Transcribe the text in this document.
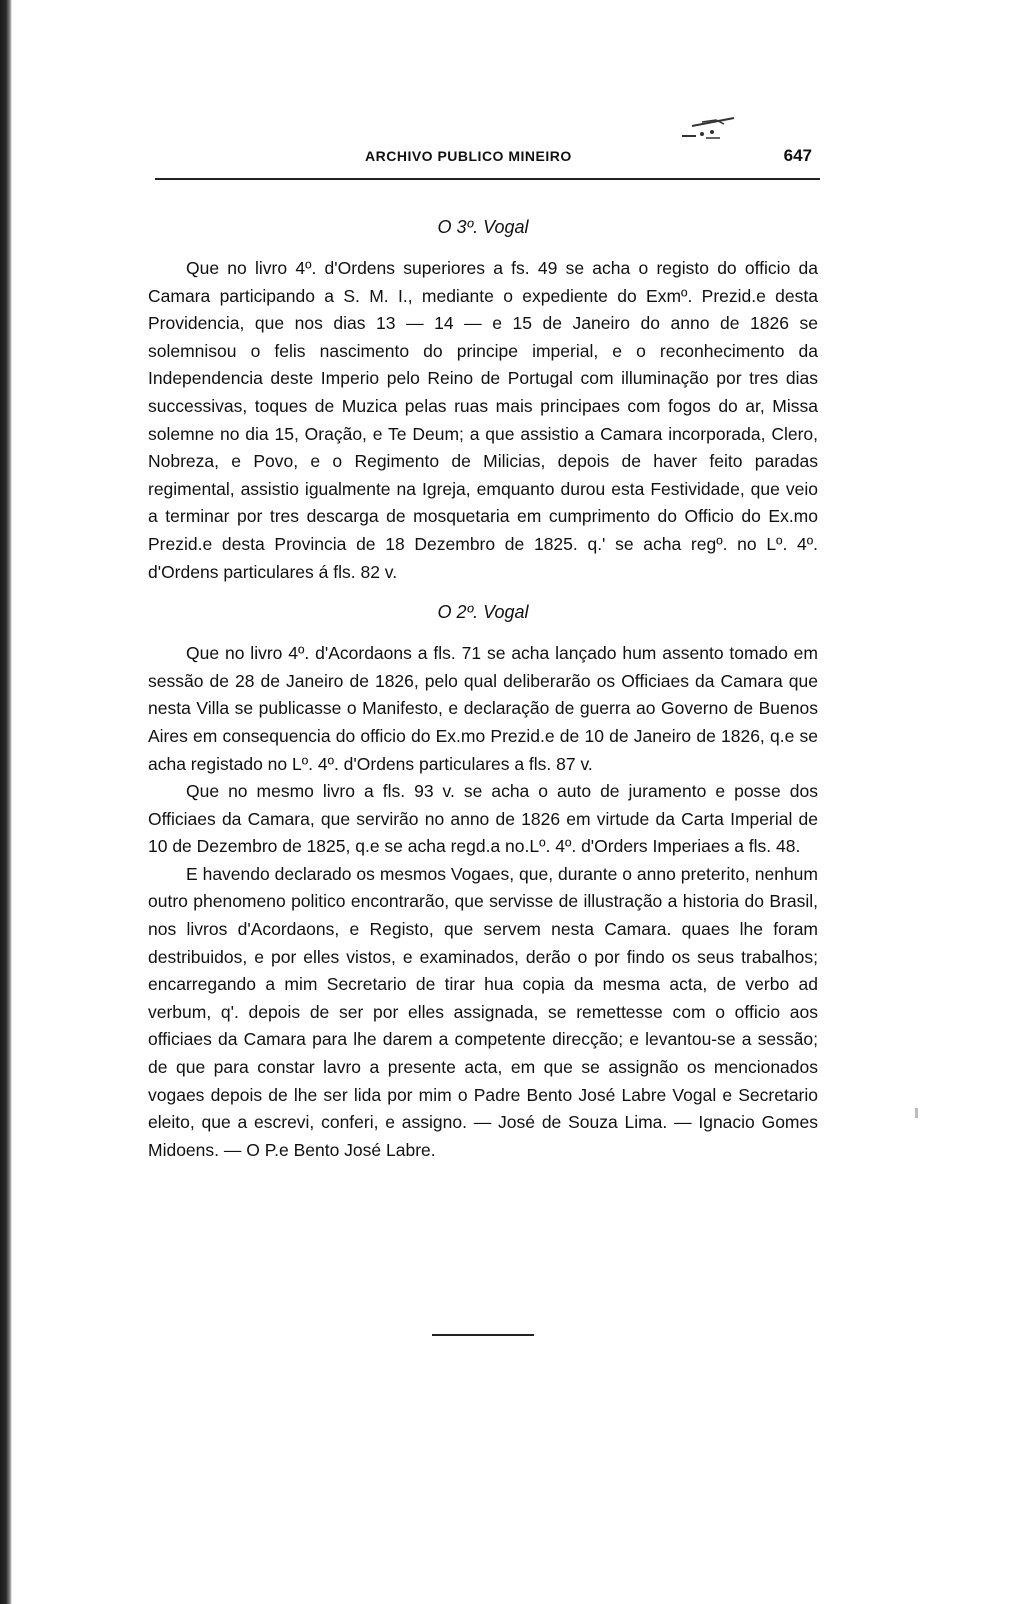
ARCHIVO PUBLICO MINEIRO	647
O 3º. Vogal

Que no livro 4º. d'Ordens superiores a fs. 49 se acha o registo do officio da Camara participando a S. M. I., mediante o expediente do Exmº. Prezid.e desta Providencia, que nos dias 13 — 14 — e 15 de Janeiro do anno de 1826 se solemnisou o felis nascimento do principe imperial, e o reconhecimento da Independencia deste Imperio pelo Reino de Portugal com illuminação por tres dias successivas, toques de Muzica pelas ruas mais principaes com fogos do ar, Missa solemne no dia 15, Oração, e Te Deum; a que assistio a Camara incorporada, Clero, Nobreza, e Povo, e o Regimento de Milicias, depois de haver feito paradas regimental, assistio igualmente na Igreja, emquanto durou esta Festividade, que veio a terminar por tres descarga de mosquetaria em cumprimento do Officio do Ex.mo Prezid.e desta Provincia de 18 Dezembro de 1825. q.' se acha regº. no Lº. 4º. d'Ordens particulares á fls. 82 v.

O 2º. Vogal

Que no livro 4º. d'Acordaons a fls. 71 se acha lançado hum assento tomado em sessão de 28 de Janeiro de 1826, pelo qual deliberarão os Officiaes da Camara que nesta Villa se publicasse o Manifesto, e declaração de guerra ao Governo de Buenos Aires em consequencia do officio do Ex.mo Prezid.e de 10 de Janeiro de 1826, q.e se acha registado no Lº. 4º. d'Ordens particulares a fls. 87 v.

Que no mesmo livro a fls. 93 v. se acha o auto de juramento e posse dos Officiaes da Camara, que servirão no anno de 1826 em virtude da Carta Imperial de 10 de Dezembro de 1825, q.e se acha regd.a no.Lº. 4º. d'Orders Imperiaes a fls. 48.

E havendo declarado os mesmos Vogaes, que, durante o anno preterito, nenhum outro phenomeno politico encontrarão, que servisse de illustração a historia do Brasil, nos livros d'Acordaons, e Registo, que servem nesta Camara. quaes lhe foram destribuidos, e por elles vistos, e examinados, derão o por findo os seus trabalhos; encarregando a mim Secretario de tirar hua copia da mesma acta, de verbo ad verbum, q'. depois de ser por elles assignada, se remettesse com o officio aos officiaes da Camara para lhe darem a competente direcção; e levantou-se a sessão; de que para constar lavro a presente acta, em que se assignão os mencionados vogaes depois de lhe ser lida por mim o Padre Bento José Labre Vogal e Secretario eleito, que a escrevi, conferi, e assigno. — José de Souza Lima. — Ignacio Gomes Midoens. — O P.e Bento José Labre.
